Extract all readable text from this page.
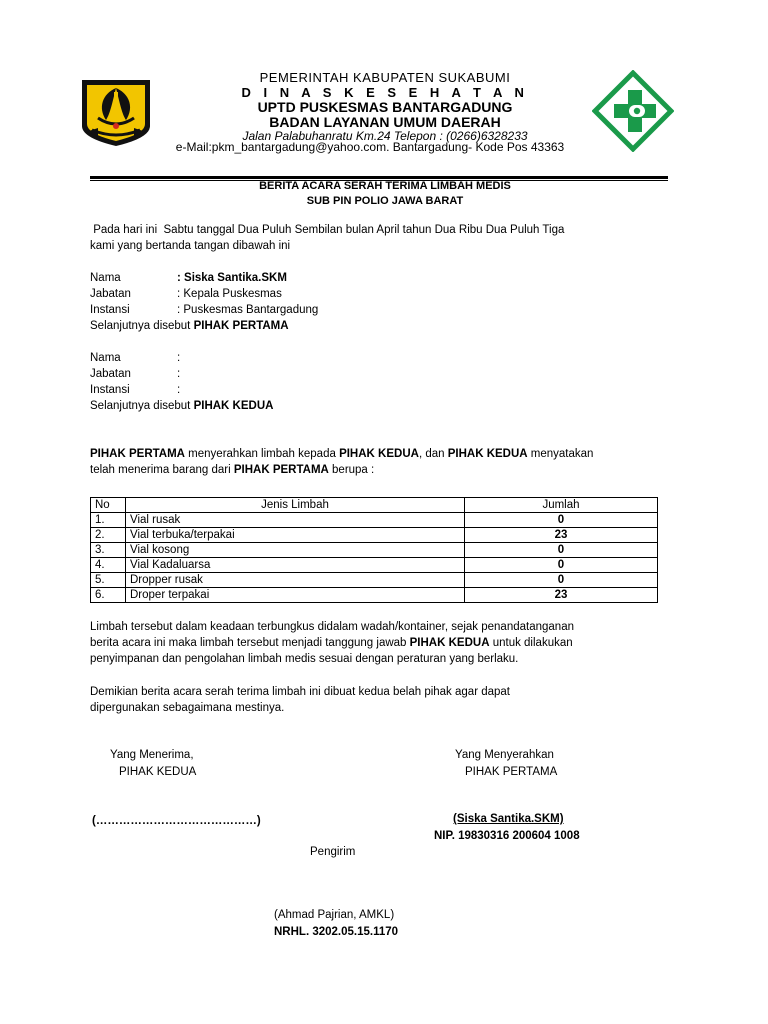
PEMERINTAH KABUPATEN SUKABUMI
D I N A S K E S E H A T A N
UPTD PUSKESMAS BANTARGADUNG
BADAN LAYANAN UMUM DAERAH
Jalan Palabuhanratu Km.24 Telepon : (0266)6328233
e-Mail:pkm_bantargadung@yahoo.com. Bantargadung- Kode Pos 43363
BERITA ACARA SERAH TERIMA LIMBAH MEDIS
SUB PIN POLIO JAWA BARAT
Pada hari ini  Sabtu tanggal Dua Puluh Sembilan bulan April tahun Dua Ribu Dua Puluh Tiga
kami yang bertanda tangan dibawah ini
Nama	: Siska Santika.SKM
Jabatan	: Kepala Puskesmas
Instansi	: Puskesmas Bantargadung
Selanjutnya disebut PIHAK PERTAMA
Nama	:
Jabatan	:
Instansi	:
Selanjutnya disebut PIHAK KEDUA
PIHAK PERTAMA menyerahkan limbah kepada PIHAK KEDUA, dan PIHAK KEDUA menyatakan
telah menerima barang dari PIHAK PERTAMA berupa :
No	Jenis Limbah	Jumlah
1.	Vial rusak	0
2.	Vial terbuka/terpakai	23
3.	Vial kosong	0
4.	Vial Kadaluarsa	0
5.	Dropper rusak	0
6.	Droper terpakai	23
Limbah tersebut dalam keadaan terbungkus didalam wadah/kontainer, sejak penandatanganan
berita acara ini maka limbah tersebut menjadi tanggung jawab PIHAK KEDUA untuk dilakukan
penyimpanan dan pengolahan limbah medis sesuai dengan peraturan yang berlaku.
Demikian berita acara serah terima limbah ini dibuat kedua belah pihak agar dapat
dipergunakan sebagaimana mestinya.
Yang Menerima,
PIHAK KEDUA
Yang Menyerahkan
PIHAK PERTAMA
(……………………………………)	(Siska Santika.SKM)
NIP. 19830316 200604 1008
Pengirim
(Ahmad Pajrian, AMKL)
NRHL. 3202.05.15.1170
